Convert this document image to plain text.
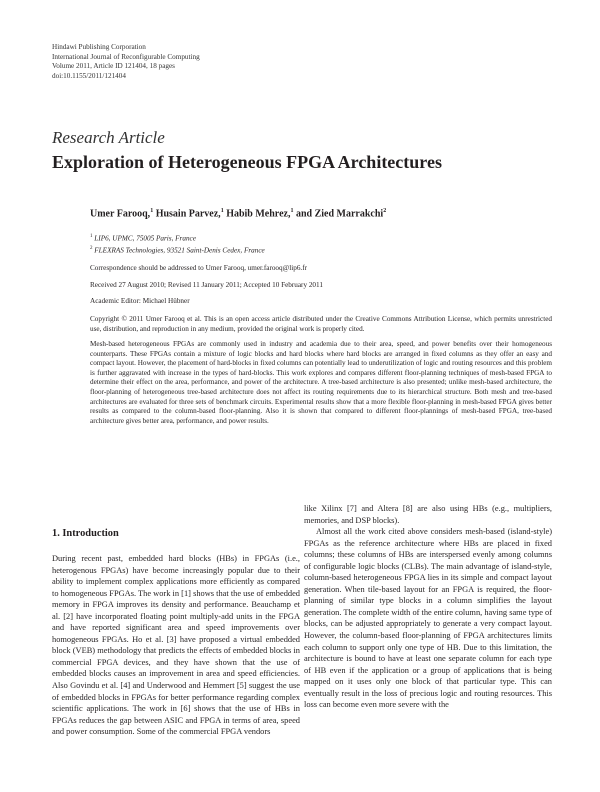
Hindawi Publishing Corporation
International Journal of Reconfigurable Computing
Volume 2011, Article ID 121404, 18 pages
doi:10.1155/2011/121404
Research Article
Exploration of Heterogeneous FPGA Architectures
Umer Farooq,$^1$ Husain Parvez,$^1$ Habib Mehrez,$^1$ and Zied Marrakchi$^2$
$^1$ LIP6, UPMC, 75005 Paris, France
$^2$ FLEXRAS Technologies, 93521 Saint-Denis Cedex, France
Correspondence should be addressed to Umer Farooq, umer.farooq@lip6.fr
Received 27 August 2010; Revised 11 January 2011; Accepted 10 February 2011
Academic Editor: Michael Hübner
Copyright © 2011 Umer Farooq et al. This is an open access article distributed under the Creative Commons Attribution License, which permits unrestricted use, distribution, and reproduction in any medium, provided the original work is properly cited.
Mesh-based heterogeneous FPGAs are commonly used in industry and academia due to their area, speed, and power benefits over their homogeneous counterparts. These FPGAs contain a mixture of logic blocks and hard blocks where hard blocks are arranged in fixed columns as they offer an easy and compact layout. However, the placement of hard-blocks in fixed columns can potentially lead to underutilization of logic and routing resources and this problem is further aggravated with increase in the types of hard-blocks. This work explores and compares different floor-planning techniques of mesh-based FPGA to determine their effect on the area, performance, and power of the architecture. A tree-based architecture is also presented; unlike mesh-based architecture, the floor-planning of heterogeneous tree-based architecture does not affect its routing requirements due to its hierarchical structure. Both mesh and tree-based architectures are evaluated for three sets of benchmark circuits. Experimental results show that a more flexible floor-planning in mesh-based FPGA gives better results as compared to the column-based floor-planning. Also it is shown that compared to different floor-plannings of mesh-based FPGA, tree-based architecture gives better area, performance, and power results.
1. Introduction

During recent past, embedded hard blocks (HBs) in FPGAs (i.e., heterogenous FPGAs) have become increasingly popular due to their ability to implement complex applications more efficiently as compared to homogeneous FPGAs. The work in [1] shows that the use of embedded memory in FPGA improves its density and performance. Beauchamp et al. [2] have incorporated floating point multiply-add units in the FPGA and have reported significant area and speed improvements over homogeneous FPGAs. Ho et al. [3] have proposed a virtual embedded block (VEB) methodology that predicts the effects of embedded blocks in commercial FPGA devices, and they have shown that the use of embedded blocks causes an improvement in area and speed efficiencies. Also Govindu et al. [4] and Underwood and Hemmert [5] suggest the use of embedded blocks in FPGAs for better performance regarding complex scientific applications. The work in [6] shows that the use of HBs in FPGAs reduces the gap between ASIC and FPGA in terms of area, speed and power consumption. Some of the commercial FPGA vendors

like Xilinx [7] and Altera [8] are also using HBs (e.g., multipliers, memories, and DSP blocks).

Almost all the work cited above considers mesh-based (island-style) FPGAs as the reference architecture where HBs are placed in fixed columns; these columns of HBs are interspersed evenly among columns of configurable logic blocks (CLBs). The main advantage of island-style, column-based heterogeneous FPGA lies in its simple and compact layout generation. When tile-based layout for an FPGA is required, the floor-planning of similar type blocks in a column simplifies the layout generation. The complete width of the entire column, having same type of blocks, can be adjusted appropriately to generate a very compact layout. However, the column-based floor-planning of FPGA architectures limits each column to support only one type of HB. Due to this limitation, the architecture is bound to have at least one separate column for each type of HB even if the application or a group of applications that is being mapped on it uses only one block of that particular type. This can eventually result in the loss of precious logic and routing resources. This loss can become even more severe with the
